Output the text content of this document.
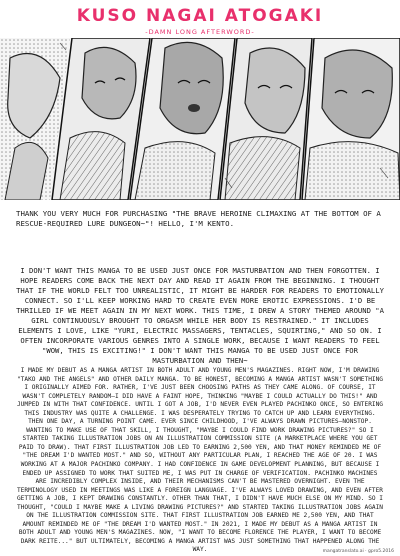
KUSO NAGAI ATOGAKI
-DAMN LONG AFTERWORD-
THANK YOU VERY MUCH FOR PURCHASING "THE BRAVE HEROINE CLIMAXING AT THE BOTTOM OF A RESCUE-REQUIRED LURE DUNGEON~"! HELLO, I'M KENTO.
I DON'T WANT THIS MANGA TO BE USED JUST ONCE FOR MASTURBATION AND THEN FORGOTTEN. I HOPE READERS COME BACK THE NEXT DAY AND READ IT AGAIN FROM THE BEGINNING. I THOUGHT THAT IF THE WORLD FELT TOO UNREALISTIC, IT MIGHT BE HARDER FOR READERS TO EMOTIONALLY CONNECT. SO I'LL KEEP WORKING HARD TO CREATE EVEN MORE EROTIC EXPRESSIONS. I'D BE THRILLED IF WE MEET AGAIN IN MY NEXT WORK. THIS TIME, I DREW A STORY THEMED AROUND "A GIRL CONTINUOUSLY BROUGHT TO ORGASM WHILE HER BODY IS RESTRAINED." IT INCLUDES ELEMENTS I LOVE, LIKE "YURI, ELECTRIC MASSAGERS, TENTACLES, SQUIRTING," AND SO ON. I OFTEN INCORPORATE VARIOUS GENRES INTO A SINGLE WORK, BECAUSE I WANT READERS TO FEEL "WOW, THIS IS EXCITING!" I DON'T WANT THIS MANGA TO BE USED JUST ONCE FOR MASTURBATION AND THEN~
I MADE MY DEBUT AS A MANGA ARTIST IN BOTH ADULT AND YOUNG MEN'S MAGAZINES. RIGHT NOW, I'M DRAWING "TAKO AND THE ANGELS" AND OTHER DAILY MANGA. TO BE HONEST, BECOMING A MANGA ARTIST WASN'T SOMETHING I ORIGINALLY AIMED FOR. RATHER, I'VE JUST BEEN CHOOSING PATHS AS THEY CAME ALONG. OF COURSE, IT WASN'T COMPLETELY RANDOM—I DID HAVE A FAINT HOPE, THINKING "MAYBE I COULD ACTUALLY DO THIS!" AND JUMPED IN WITH THAT CONFIDENCE. UNTIL I GOT A JOB, I'D NEVER EVEN PLAYED PACHINKO ONCE, SO ENTERING THIS INDUSTRY WAS QUITE A CHALLENGE. I WAS DESPERATELY TRYING TO CATCH UP AND LEARN EVERYTHING. THEN ONE DAY, A TURNING POINT CAME. EVER SINCE CHILDHOOD, I'VE ALWAYS DRAWN PICTURES—NONSTOP. WANTING TO MAKE USE OF THAT SKILL, I THOUGHT, "MAYBE I COULD FIND WORK DRAWING PICTURES?" SO I STARTED TAKING ILLUSTRATION JOBS ON AN ILLUSTRATION COMMISSION SITE (A MARKETPLACE WHERE YOU GET PAID TO DRAW). THAT FIRST ILLUSTRATION JOB LED TO EARNING 2,500 YEN, AND THAT MONEY REMINDED ME OF "THE DREAM I'D WANTED MOST." AND SO, WITHOUT ANY PARTICULAR PLAN, I REACHED THE AGE OF 20. I WAS WORKING AT A MAJOR PACHINKO COMPANY. I HAD CONFIDENCE IN GAME DEVELOPMENT PLANNING, BUT BECAUSE I ENDED UP ASSIGNED TO WORK THAT SUITED ME, I WAS PUT IN CHARGE OF VERIFICATION. PACHINKO MACHINES ARE INCREDIBLY COMPLEX INSIDE, AND THEIR MECHANISMS CAN'T BE MASTERED OVERNIGHT. EVEN THE TERMINOLOGY USED IN MEETINGS WAS LIKE A FOREIGN LANGUAGE. I'VE ALWAYS LOVED DRAWING, AND EVEN AFTER GETTING A JOB, I KEPT DRAWING CONSTANTLY. OTHER THAN THAT, I DIDN'T HAVE MUCH ELSE ON MY MIND. SO I THOUGHT, "COULD I MAYBE MAKE A LIVING DRAWING PICTURES?" AND STARTED TAKING ILLUSTRATION JOBS AGAIN ON THE ILLUSTRATION COMMISSION SITE. THAT FIRST ILLUSTRATION JOB EARNED ME 2,500 YEN, AND THAT AMOUNT REMINDED ME OF "THE DREAM I'D WANTED MOST." IN 2021, I MADE MY DEBUT AS A MANGA ARTIST IN BOTH ADULT AND YOUNG MEN'S MAGAZINES. NOW, "I WANT TO BECOME FLORENCE THE PLAYER, I WANT TO BECOME DARK REITE..." BUT ULTIMATELY, BECOMING A MANGA ARTIST WAS JUST SOMETHING THAT HAPPENED ALONG THE WAY.	mangatranslato.ai · gpro5.2016
